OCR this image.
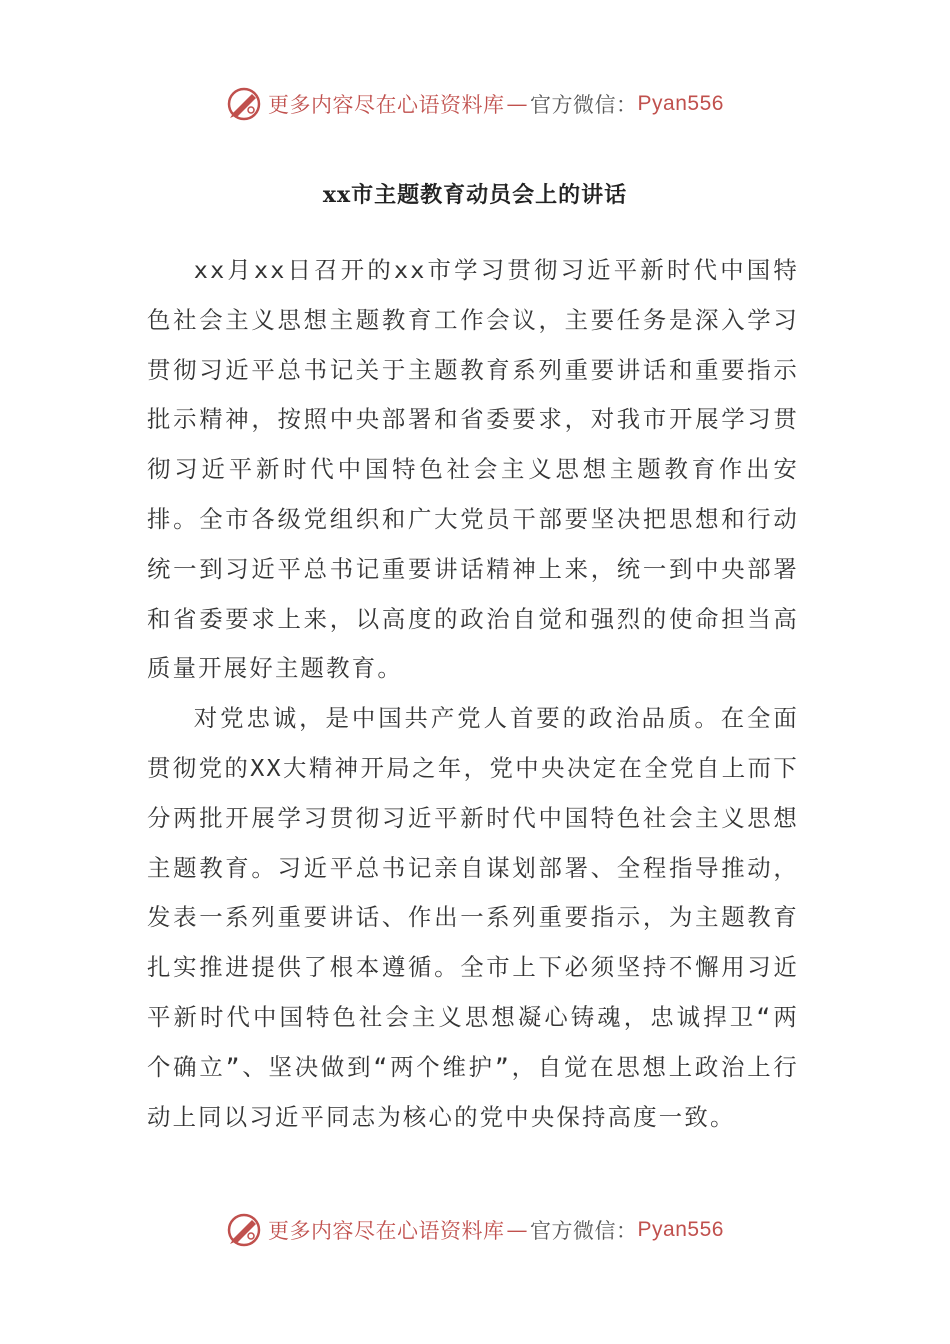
更多内容尽在心语资料库 — 官方微信： Pyan556
xx市主题教育动员会上的讲话

xx月xx日召开的xx市学习贯彻习近平新时代中国特色社会主义思想主题教育工作会议，主要任务是深入学习贯彻习近平总书记关于主题教育系列重要讲话和重要指示批示精神，按照中央部署和省委要求，对我市开展学习贯彻习近平新时代中国特色社会主义思想主题教育作出安排。全市各级党组织和广大党员干部要坚决把思想和行动统一到习近平总书记重要讲话精神上来，统一到中央部署和省委要求上来，以高度的政治自觉和强烈的使命担当高质量开展好主题教育。

对党忠诚，是中国共产党人首要的政治品质。在全面贯彻党的XX大精神开局之年，党中央决定在全党自上而下分两批开展学习贯彻习近平新时代中国特色社会主义思想主题教育。习近平总书记亲自谋划部署、全程指导推动，发表一系列重要讲话、作出一系列重要指示，为主题教育扎实推进提供了根本遵循。全市上下必须坚持不懈用习近平新时代中国特色社会主义思想凝心铸魂，忠诚捍卫“两个确立”、坚决做到“两个维护”，自觉在思想上政治上行动上同以习近平同志为核心的党中央保持高度一致。

更多内容尽在心语资料库 — 官方微信： Pyan556
